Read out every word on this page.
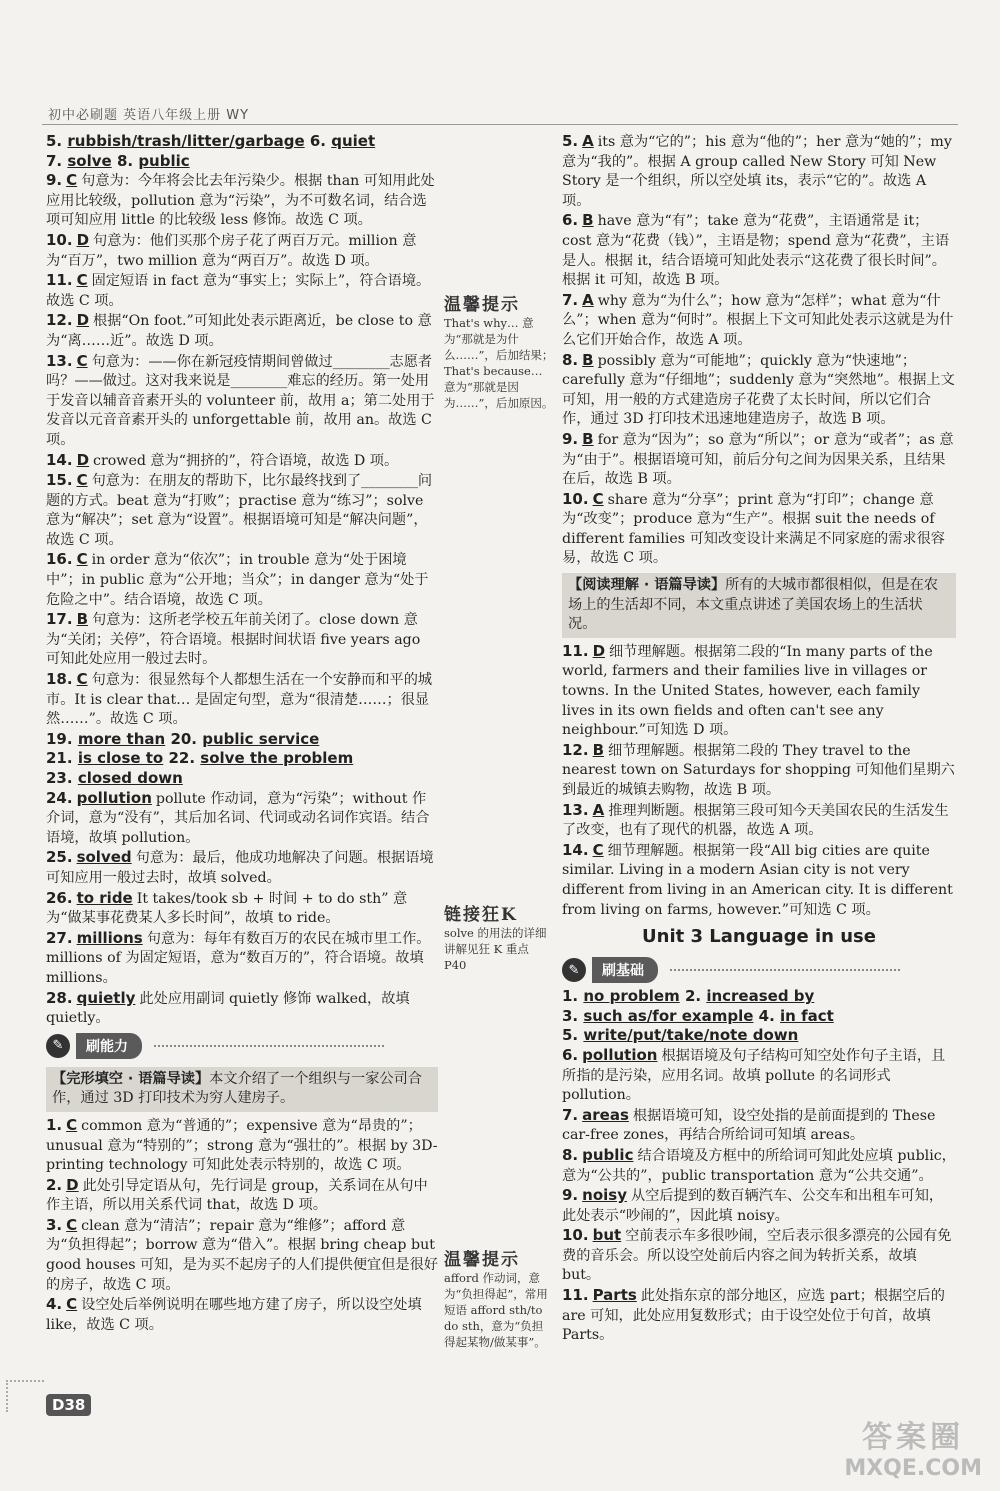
初中必刷题 英语八年级上册 WY
5. rubbish/trash/litter/garbage 6. quiet
7. solve 8. public

9. C 句意为：今年将会比去年污染少。根据 than 可知用此处应用比较级，pollution 意为“污染”，为不可数名词，结合选项可知应用 little 的比较级 less 修饰。故选 C 项。

10. D 句意为：他们买那个房子花了两百万元。million 意为“百万”，two million 意为“两百万”。故选 D 项。

11. C 固定短语 in fact 意为“事实上；实际上”，符合语境。故选 C 项。

12. D 根据“On foot.”可知此处表示距离近，be close to 意为“离……近”。故选 D 项。

13. C 句意为：——你在新冠疫情期间曾做过________志愿者吗？——做过。这对我来说是________难忘的经历。第一处用于发音以辅音音素开头的 volunteer 前，故用 a；第二处用于发音以元音音素开头的 unforgettable 前，故用 an。故选 C 项。

14. D crowed 意为“拥挤的”，符合语境，故选 D 项。

15. C 句意为：在朋友的帮助下，比尔最终找到了________问题的方式。beat 意为“打败”；practise 意为“练习”；solve 意为“解决”；set 意为“设置”。根据语境可知是“解决问题”，故选 C 项。

16. C in order 意为“依次”；in trouble 意为“处于困境中”；in public 意为“公开地；当众”；in danger 意为“处于危险之中”。结合语境，故选 C 项。

17. B 句意为：这所老学校五年前关闭了。close down 意为“关闭；关停”，符合语境。根据时间状语 five years ago 可知此处应用一般过去时。

18. C 句意为：很显然每个人都想生活在一个安静而和平的城市。It is clear that… 是固定句型，意为“很清楚……；很显然……”。故选 C 项。

19. more than 20. public service
21. is close to 22. solve the problem
23. closed down

24. pollution pollute 作动词，意为“污染”；without 作介词，意为“没有”，其后加名词、代词或动名词作宾语。结合语境，故填 pollution。

25. solved 句意为：最后，他成功地解决了问题。根据语境可知应用一般过去时，故填 solved。

26. to ride It takes/took sb + 时间 + to do sth” 意为“做某事花费某人多长时间”，故填 to ride。

27. millions 句意为：每年有数百万的农民在城市里工作。millions of 为固定短语，意为“数百万的”，符合语境。故填 millions。

28. quietly 此处应用副词 quietly 修饰 walked，故填 quietly。

✎	刷能力
【完形填空 · 语篇导读】本文介绍了一个组织与一家公司合作，通过 3D 打印技术为穷人建房子。

1. C common 意为“普通的”；expensive 意为“昂贵的”；unusual 意为“特别的”；strong 意为“强壮的”。根据 by 3D-printing technology 可知此处表示特别的，故选 C 项。

2. D 此处引导定语从句，先行词是 group，关系词在从句中作主语，所以用关系代词 that，故选 D 项。

3. C clean 意为“清洁”；repair 意为“维修”；afford 意为“负担得起”；borrow 意为“借入”。根据 bring cheap but good houses 可知，是为买不起房子的人们提供便宜但是很好的房子，故选 C 项。

4. C 设空处后举例说明在哪些地方建了房子，所以设空处填 like，故选 C 项。

温馨提示
That's why… 意为“那就是为什么……”，后加结果；That's because… 意为“那就是因为……”，后加原因。
链接狂K
solve 的用法的详细讲解见狂 K 重点 P40
温馨提示
afford 作动词，意为“负担得起”，常用短语 afford sth/to do sth，意为“负担得起某物/做某事”。

5. A its 意为“它的”；his 意为“他的”；her 意为“她的”；my 意为“我的”。根据 A group called New Story 可知 New Story 是一个组织，所以空处填 its，表示“它的”。故选 A 项。

6. B have 意为“有”；take 意为“花费”，主语通常是 it；cost 意为“花费（钱）”，主语是物；spend 意为“花费”，主语是人。根据 it，结合语境可知此处表示“这花费了很长时间”。根据 it 可知，故选 B 项。

7. A why 意为“为什么”；how 意为“怎样”；what 意为“什么”；when 意为“何时”。根据上下文可知此处表示这就是为什么它们开始合作，故选 A 项。

8. B possibly 意为“可能地”；quickly 意为“快速地”；carefully 意为“仔细地”；suddenly 意为“突然地”。根据上文可知，用一般的方式建造房子花费了太长时间，所以它们合作，通过 3D 打印技术迅速地建造房子，故选 B 项。

9. B for 意为“因为”；so 意为“所以”；or 意为“或者”；as 意为“由于”。根据语境可知，前后分句之间为因果关系，且结果在后，故选 B 项。

10. C share 意为“分享”；print 意为“打印”；change 意为“改变”；produce 意为“生产”。根据 suit the needs of different families 可知改变设计来满足不同家庭的需求很容易，故选 C 项。

【阅读理解 · 语篇导读】所有的大城市都很相似，但是在农场上的生活却不同，本文重点讲述了美国农场上的生活状况。

11. D 细节理解题。根据第二段的“In many parts of the world, farmers and their families live in villages or towns. In the United States, however, each family lives in its own fields and often can't see any neighbour.”可知选 D 项。

12. B 细节理解题。根据第二段的 They travel to the nearest town on Saturdays for shopping 可知他们星期六到最近的城镇去购物，故选 B 项。

13. A 推理判断题。根据第三段可知今天美国农民的生活发生了改变，也有了现代的机器，故选 A 项。

14. C 细节理解题。根据第一段“All big cities are quite similar. Living in a modern Asian city is not very different from living in an American city. It is different from living on farms, however.”可知选 C 项。

Unit 3 Language in use
✎	刷基础
1. no problem 2. increased by
3. such as/for example 4. in fact
5. write/put/take/note down

6. pollution 根据语境及句子结构可知空处作句子主语，且所指的是污染，应用名词。故填 pollute 的名词形式 pollution。

7. areas 根据语境可知，设空处指的是前面提到的 These car-free zones，再结合所给词可知填 areas。

8. public 结合语境及方框中的所给词可知此处应填 public，意为“公共的”，public transportation 意为“公共交通”。

9. noisy 从空后提到的数百辆汽车、公交车和出租车可知，此处表示“吵闹的”，因此填 noisy。

10. but 空前表示车多很吵闹，空后表示很多漂亮的公园有免费的音乐会。所以设空处前后内容之间为转折关系，故填 but。

11. Parts 此处指东京的部分地区，应选 part；根据空后的 are 可知，此处应用复数形式；由于设空处位于句首，故填 Parts。

D38
答案圈
MXQE.COM
